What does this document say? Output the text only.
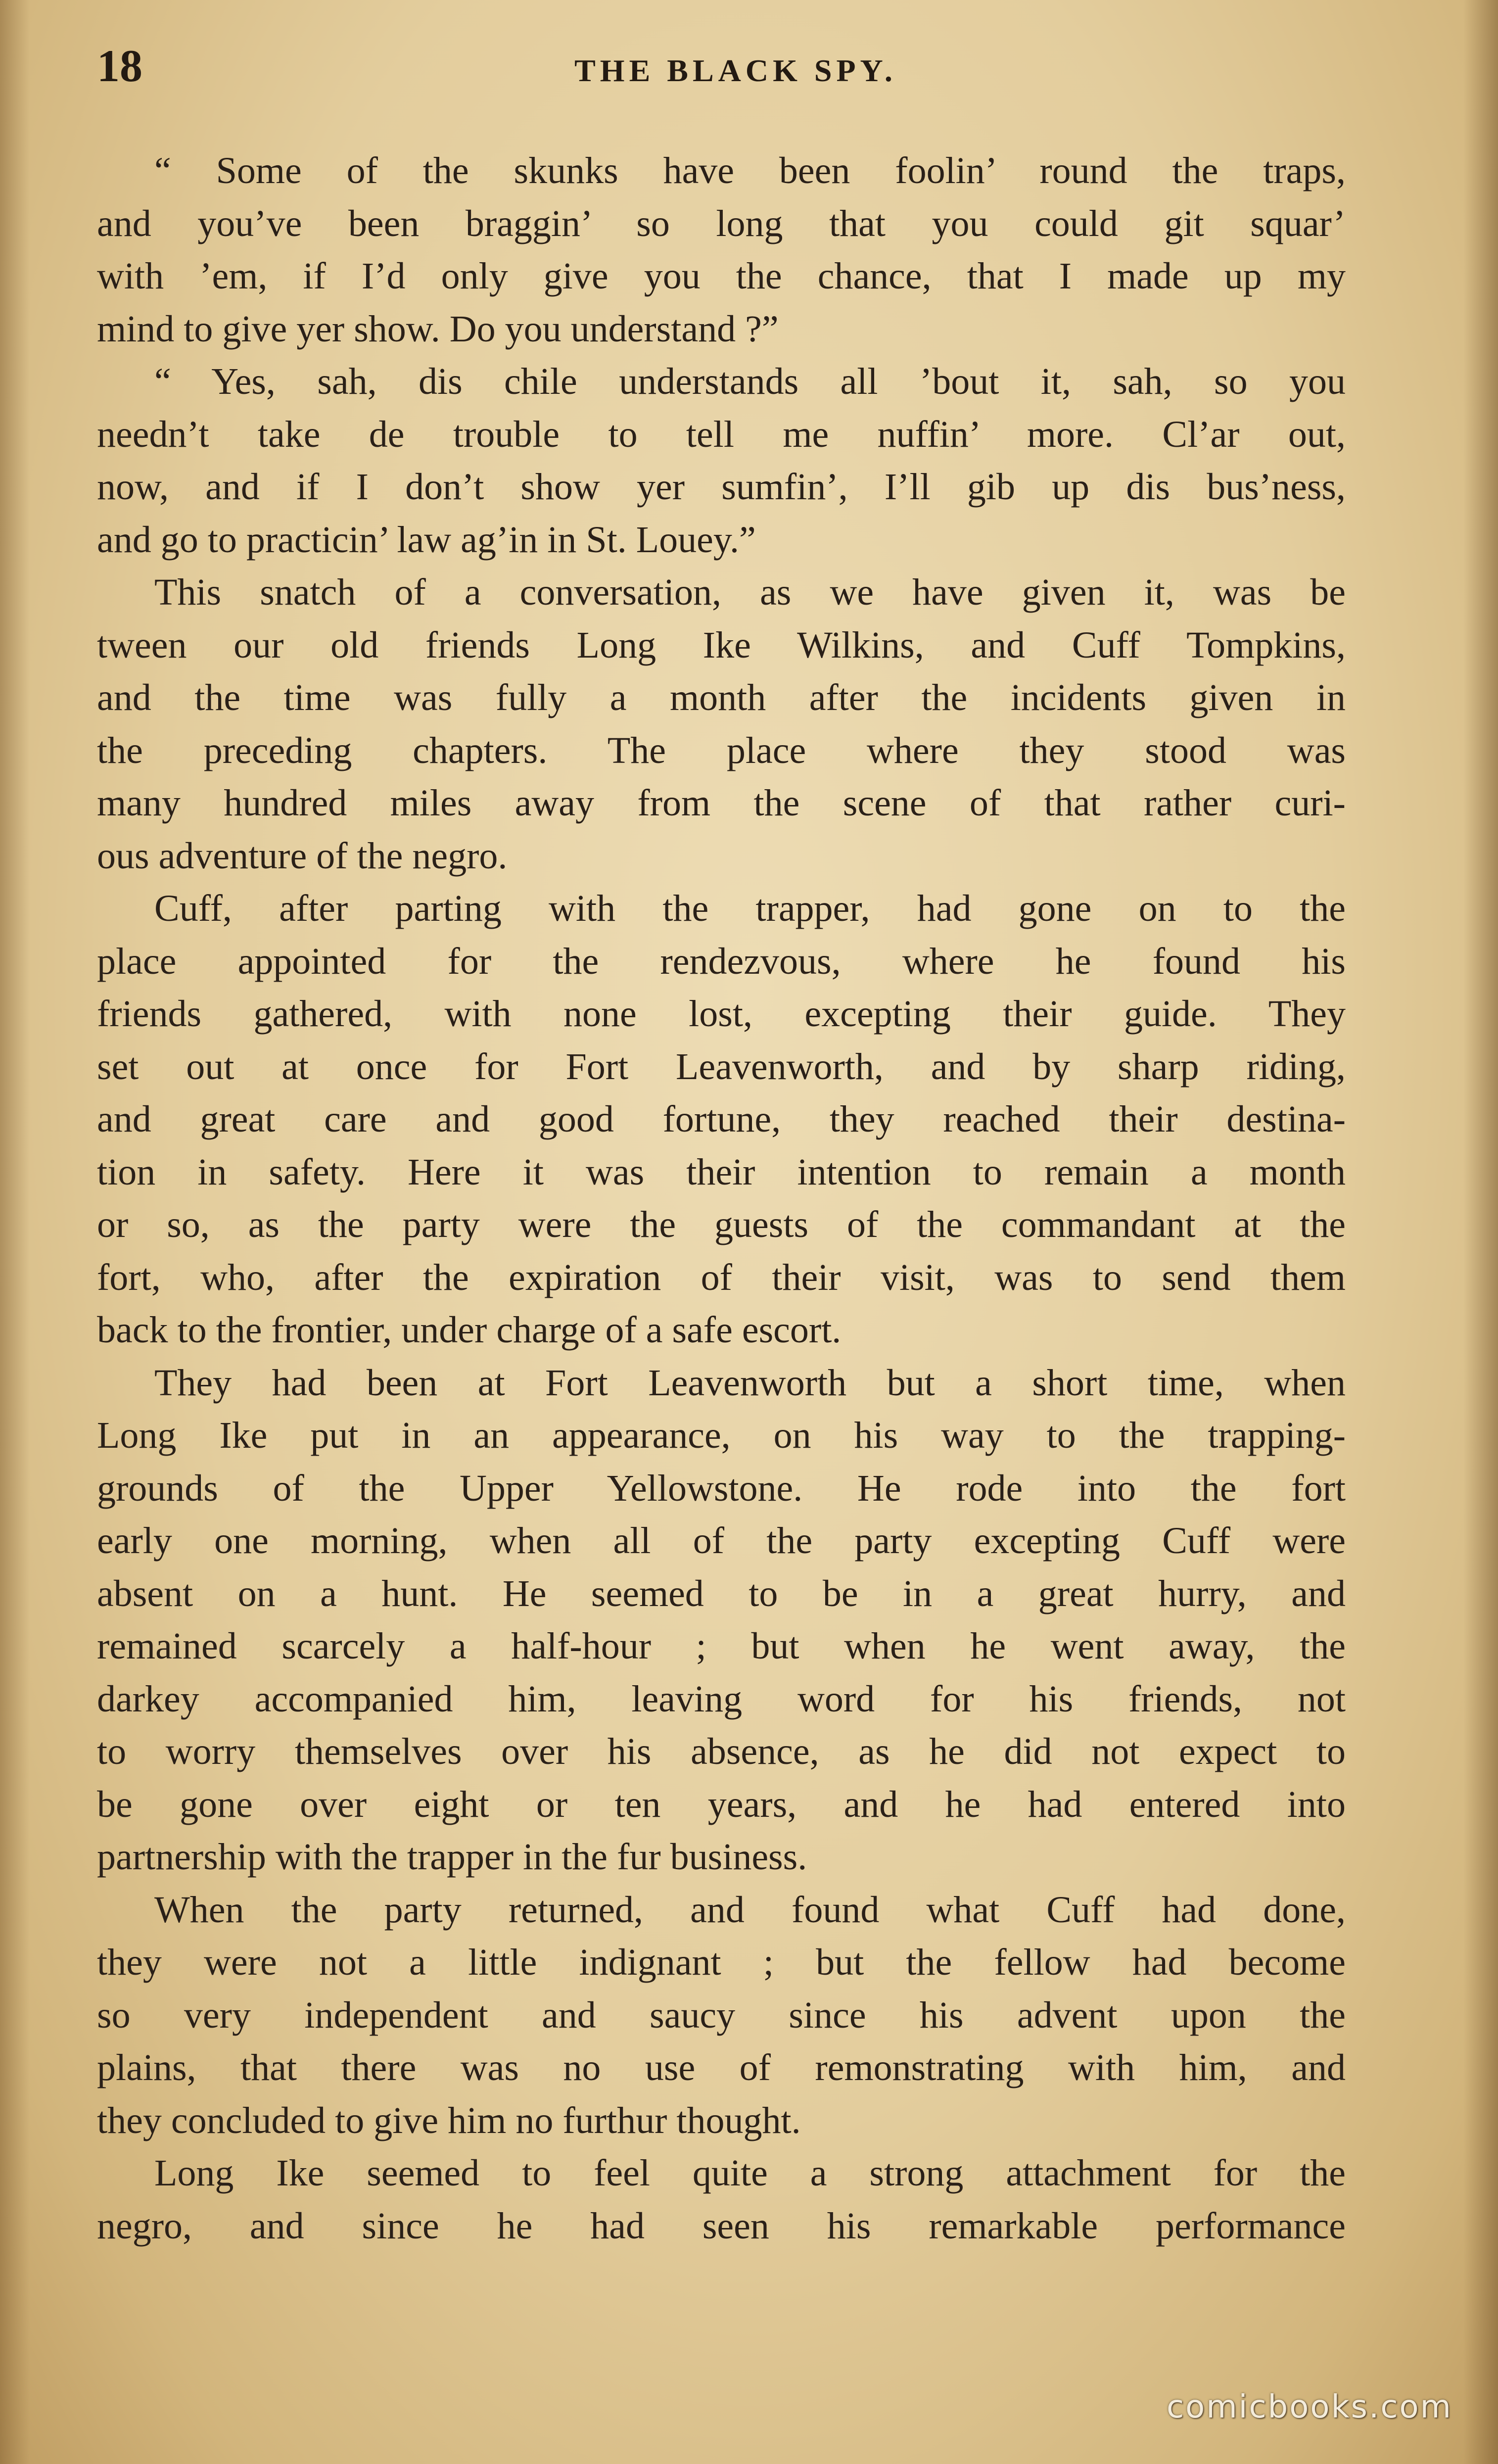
18	THE BLACK SPY.
“ Some of the skunks have been foolin’ round the traps,
and you’ve been braggin’ so long that you could git squar’
with ’em, if I’d only give you the chance, that I made up my
mind to give yer show. Do you understand ?”
“ Yes, sah, dis chile understands all ’bout it, sah, so you
needn’t take de trouble to tell me nuffin’ more. Cl’ar out,
now, and if I don’t show yer sumfin’, I’ll gib up dis bus’ness,
and go to practicin’ law ag’in in St. Louey.”
This snatch of a conversation, as we have given it, was be
tween our old friends Long Ike Wilkins, and Cuff Tompkins,
and the time was fully a month after the incidents given in
the preceding chapters. The place where they stood was
many hundred miles away from the scene of that rather curi-
ous adventure of the negro.
Cuff, after parting with the trapper, had gone on to the
place appointed for the rendezvous, where he found his
friends gathered, with none lost, excepting their guide. They
set out at once for Fort Leavenworth, and by sharp riding,
and great care and good fortune, they reached their destina-
tion in safety. Here it was their intention to remain a month
or so, as the party were the guests of the commandant at the
fort, who, after the expiration of their visit, was to send them
back to the frontier, under charge of a safe escort.
They had been at Fort Leavenworth but a short time, when
Long Ike put in an appearance, on his way to the trapping-
grounds of the Upper Yellowstone. He rode into the fort
early one morning, when all of the party excepting Cuff were
absent on a hunt. He seemed to be in a great hurry, and
remained scarcely a half-hour ; but when he went away, the
darkey accompanied him, leaving word for his friends, not
to worry themselves over his absence, as he did not expect to
be gone over eight or ten years, and he had entered into
partnership with the trapper in the fur business.
When the party returned, and found what Cuff had done,
they were not a little indignant ; but the fellow had become
so very independent and saucy since his advent upon the
plains, that there was no use of remonstrating with him, and
they concluded to give him no furthur thought.
Long Ike seemed to feel quite a strong attachment for the
negro, and since he had seen his remarkable performance
comicbooks.com
